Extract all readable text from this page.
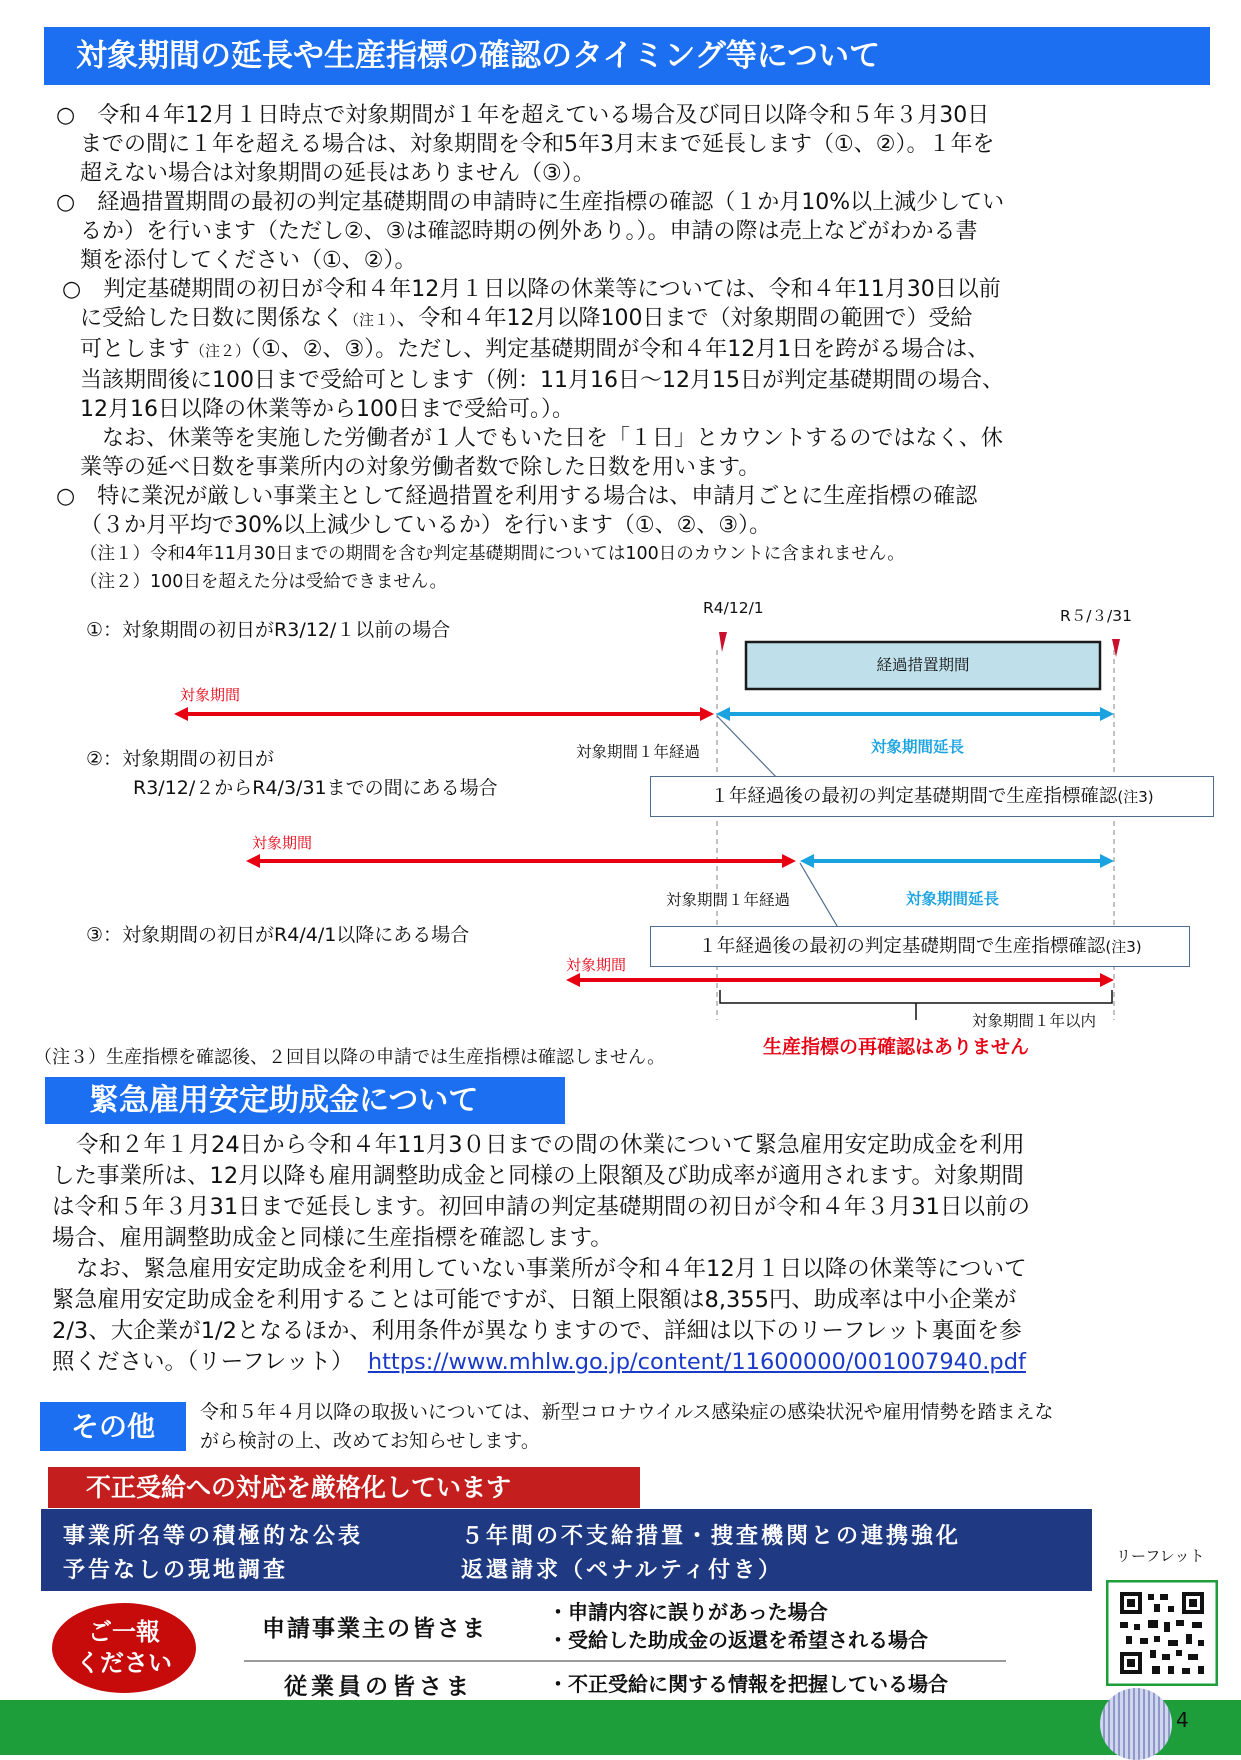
対象期間の延長や生産指標の確認のタイミング等について

○　令和４年12月１日時点で対象期間が１年を超えている場合及び同日以降令和５年３月30日

までの間に１年を超える場合は、対象期間を令和5年3月末まで延長します（①、②）。１年を

超えない場合は対象期間の延長はありません（③）。

○　経過措置期間の最初の判定基礎期間の申請時に生産指標の確認（１か月10%以上減少してい

るか）を行います（ただし②、③は確認時期の例外あり。）。申請の際は売上などがわかる書

類を添付してください（①、②）。

○　判定基礎期間の初日が令和４年12月１日以降の休業等については、令和４年11月30日以前

に受給した日数に関係なく（注１）、令和４年12月以降100日まで（対象期間の範囲で）受給

可とします（注２）（①、②、③）。ただし、判定基礎期間が令和４年12月1日を跨がる場合は、

当該期間後に100日まで受給可とします（例：11月16日～12月15日が判定基礎期間の場合、

12月16日以降の休業等から100日まで受給可。）。

なお、休業等を実施した労働者が１人でもいた日を「１日」とカウントするのではなく、休

業等の延べ日数を事業所内の対象労働者数で除した日数を用います。

○　特に業況が厳しい事業主として経過措置を利用する場合は、申請月ごとに生産指標の確認

（３か月平均で30%以上減少しているか）を行います（①、②、③）。

（注１）令和4年11月30日までの期間を含む判定基礎期間については100日のカウントに含まれません。

（注２）100日を超えた分は受給できません。

R4/12/1	R５/３/31
経過措置期間
①：対象期間の初日がR3/12/１以前の場合
対象期間
対象期間１年経過	対象期間延長
１年経過後の最初の判定基礎期間で生産指標確認(注3)
②：対象期間の初日が
R3/12/２からR4/3/31までの間にある場合
対象期間
対象期間１年経過	対象期間延長
１年経過後の最初の判定基礎期間で生産指標確認(注3)
③：対象期間の初日がR4/4/1以降にある場合
対象期間
対象期間１年以内
（注３）生産指標を確認後、２回目以降の申請では生産指標は確認しません。	生産指標の再確認はありません
緊急雇用安定助成金について

令和２年１月24日から令和４年11月3０日までの間の休業について緊急雇用安定助成金を利用

した事業所は、12月以降も雇用調整助成金と同様の上限額及び助成率が適用されます。対象期間

は令和５年３月31日まで延長します。初回申請の判定基礎期間の初日が令和４年３月31日以前の

場合、雇用調整助成金と同様に生産指標を確認します。

なお、緊急雇用安定助成金を利用していない事業所が令和４年12月１日以降の休業等について

緊急雇用安定助成金を利用することは可能ですが、日額上限額は8,355円、助成率は中小企業が

2/3、大企業が1/2となるほか、利用条件が異なりますので、詳細は以下のリーフレット裏面を参

照ください。（リーフレット） https://www.mhlw.go.jp/content/11600000/001007940.pdf

その他	令和５年４月以降の取扱いについては、新型コロナウイルス感染症の感染状況や雇用情勢を踏まえな
がら検討の上、改めてお知らせします。
不正受給への対応を厳格化しています
事業所名等の積極的な公表	５年間の不支給措置・捜査機関との連携強化
予告なしの現地調査	返還請求（ペナルティ付き）
リーフレット
ご一報
ください
申請事業主の皆さま
・申請内容に誤りがあった場合
・受給した助成金の返還を希望される場合
従業員の皆さま	・不正受給に関する情報を把握している場合
4
